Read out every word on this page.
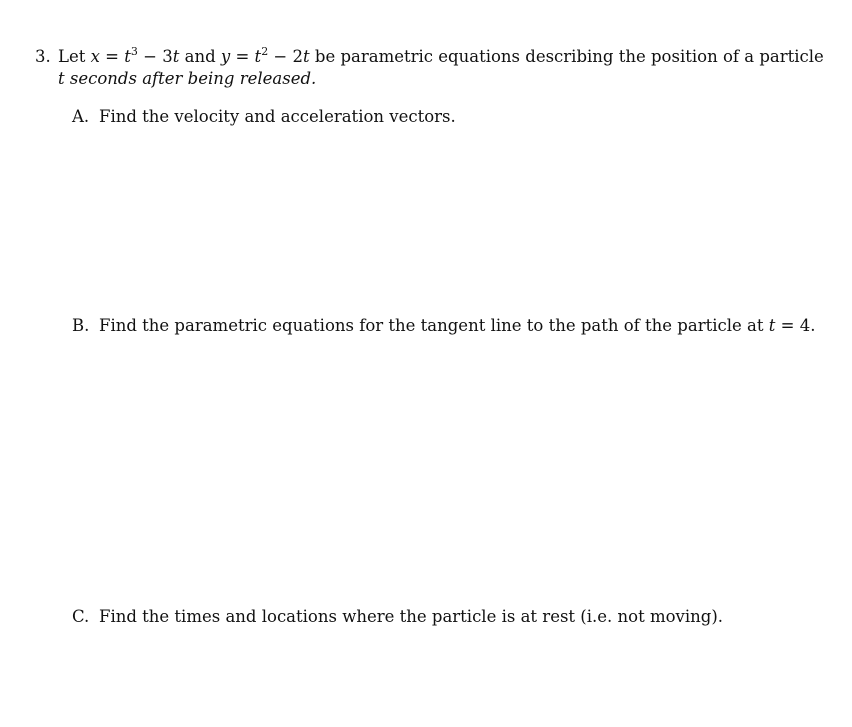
3. Let $x = t^3 - 3t$ and $y = t^2 - 2t$ be parametric equations describing the position of a particle
t seconds after being released.
A. Find the velocity and acceleration vectors.
B. Find the parametric equations for the tangent line to the path of the particle at t = 4.
C. Find the times and locations where the particle is at rest (i.e. not moving).
